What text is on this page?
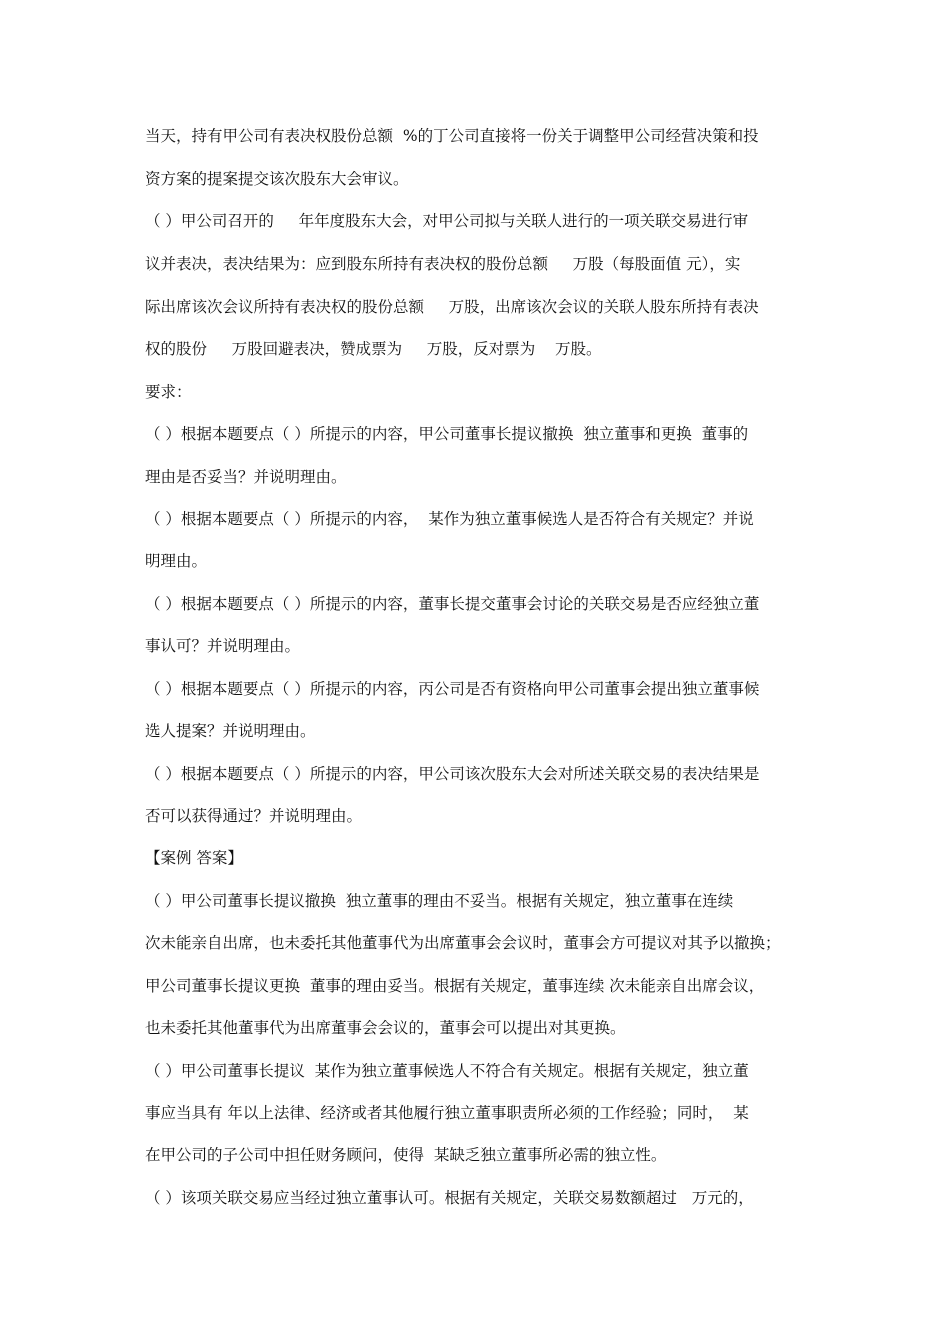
当天，持有甲公司有表决权股份总额  %的丁公司直接将一份关于调整甲公司经营决策和投
资方案的提案提交该次股东大会审议。
（ ）甲公司召开的     年年度股东大会，对甲公司拟与关联人进行的一项关联交易进行审
议并表决，表决结果为：应到股东所持有表决权的股份总额     万股（每股面值 元），实
际出席该次会议所持有表决权的股份总额     万股，出席该次会议的关联人股东所持有表决
权的股份     万股回避表决，赞成票为     万股，反对票为    万股。
要求：
（ ）根据本题要点（ ）所提示的内容，甲公司董事长提议撤换  独立董事和更换  董事的
理由是否妥当？并说明理由。
（ ）根据本题要点（ ）所提示的内容，  某作为独立董事候选人是否符合有关规定？并说
明理由。
（ ）根据本题要点（ ）所提示的内容，董事长提交董事会讨论的关联交易是否应经独立董
事认可？并说明理由。
（ ）根据本题要点（ ）所提示的内容，丙公司是否有资格向甲公司董事会提出独立董事候
选人提案？并说明理由。
（ ）根据本题要点（ ）所提示的内容，甲公司该次股东大会对所述关联交易的表决结果是
否可以获得通过？并说明理由。
【案例 答案】
（ ）甲公司董事长提议撤换  独立董事的理由不妥当。根据有关规定，独立董事在连续
次未能亲自出席，也未委托其他董事代为出席董事会会议时，董事会方可提议对其予以撤换；
甲公司董事长提议更换  董事的理由妥当。根据有关规定，董事连续 次未能亲自出席会议，
也未委托其他董事代为出席董事会会议的，董事会可以提出对其更换。
（ ）甲公司董事长提议  某作为独立董事候选人不符合有关规定。根据有关规定，独立董
事应当具有 年以上法律、经济或者其他履行独立董事职责所必须的工作经验；同时，  某
在甲公司的子公司中担任财务顾问，使得  某缺乏独立董事所必需的独立性。
（ ）该项关联交易应当经过独立董事认可。根据有关规定，关联交易数额超过   万元的，
